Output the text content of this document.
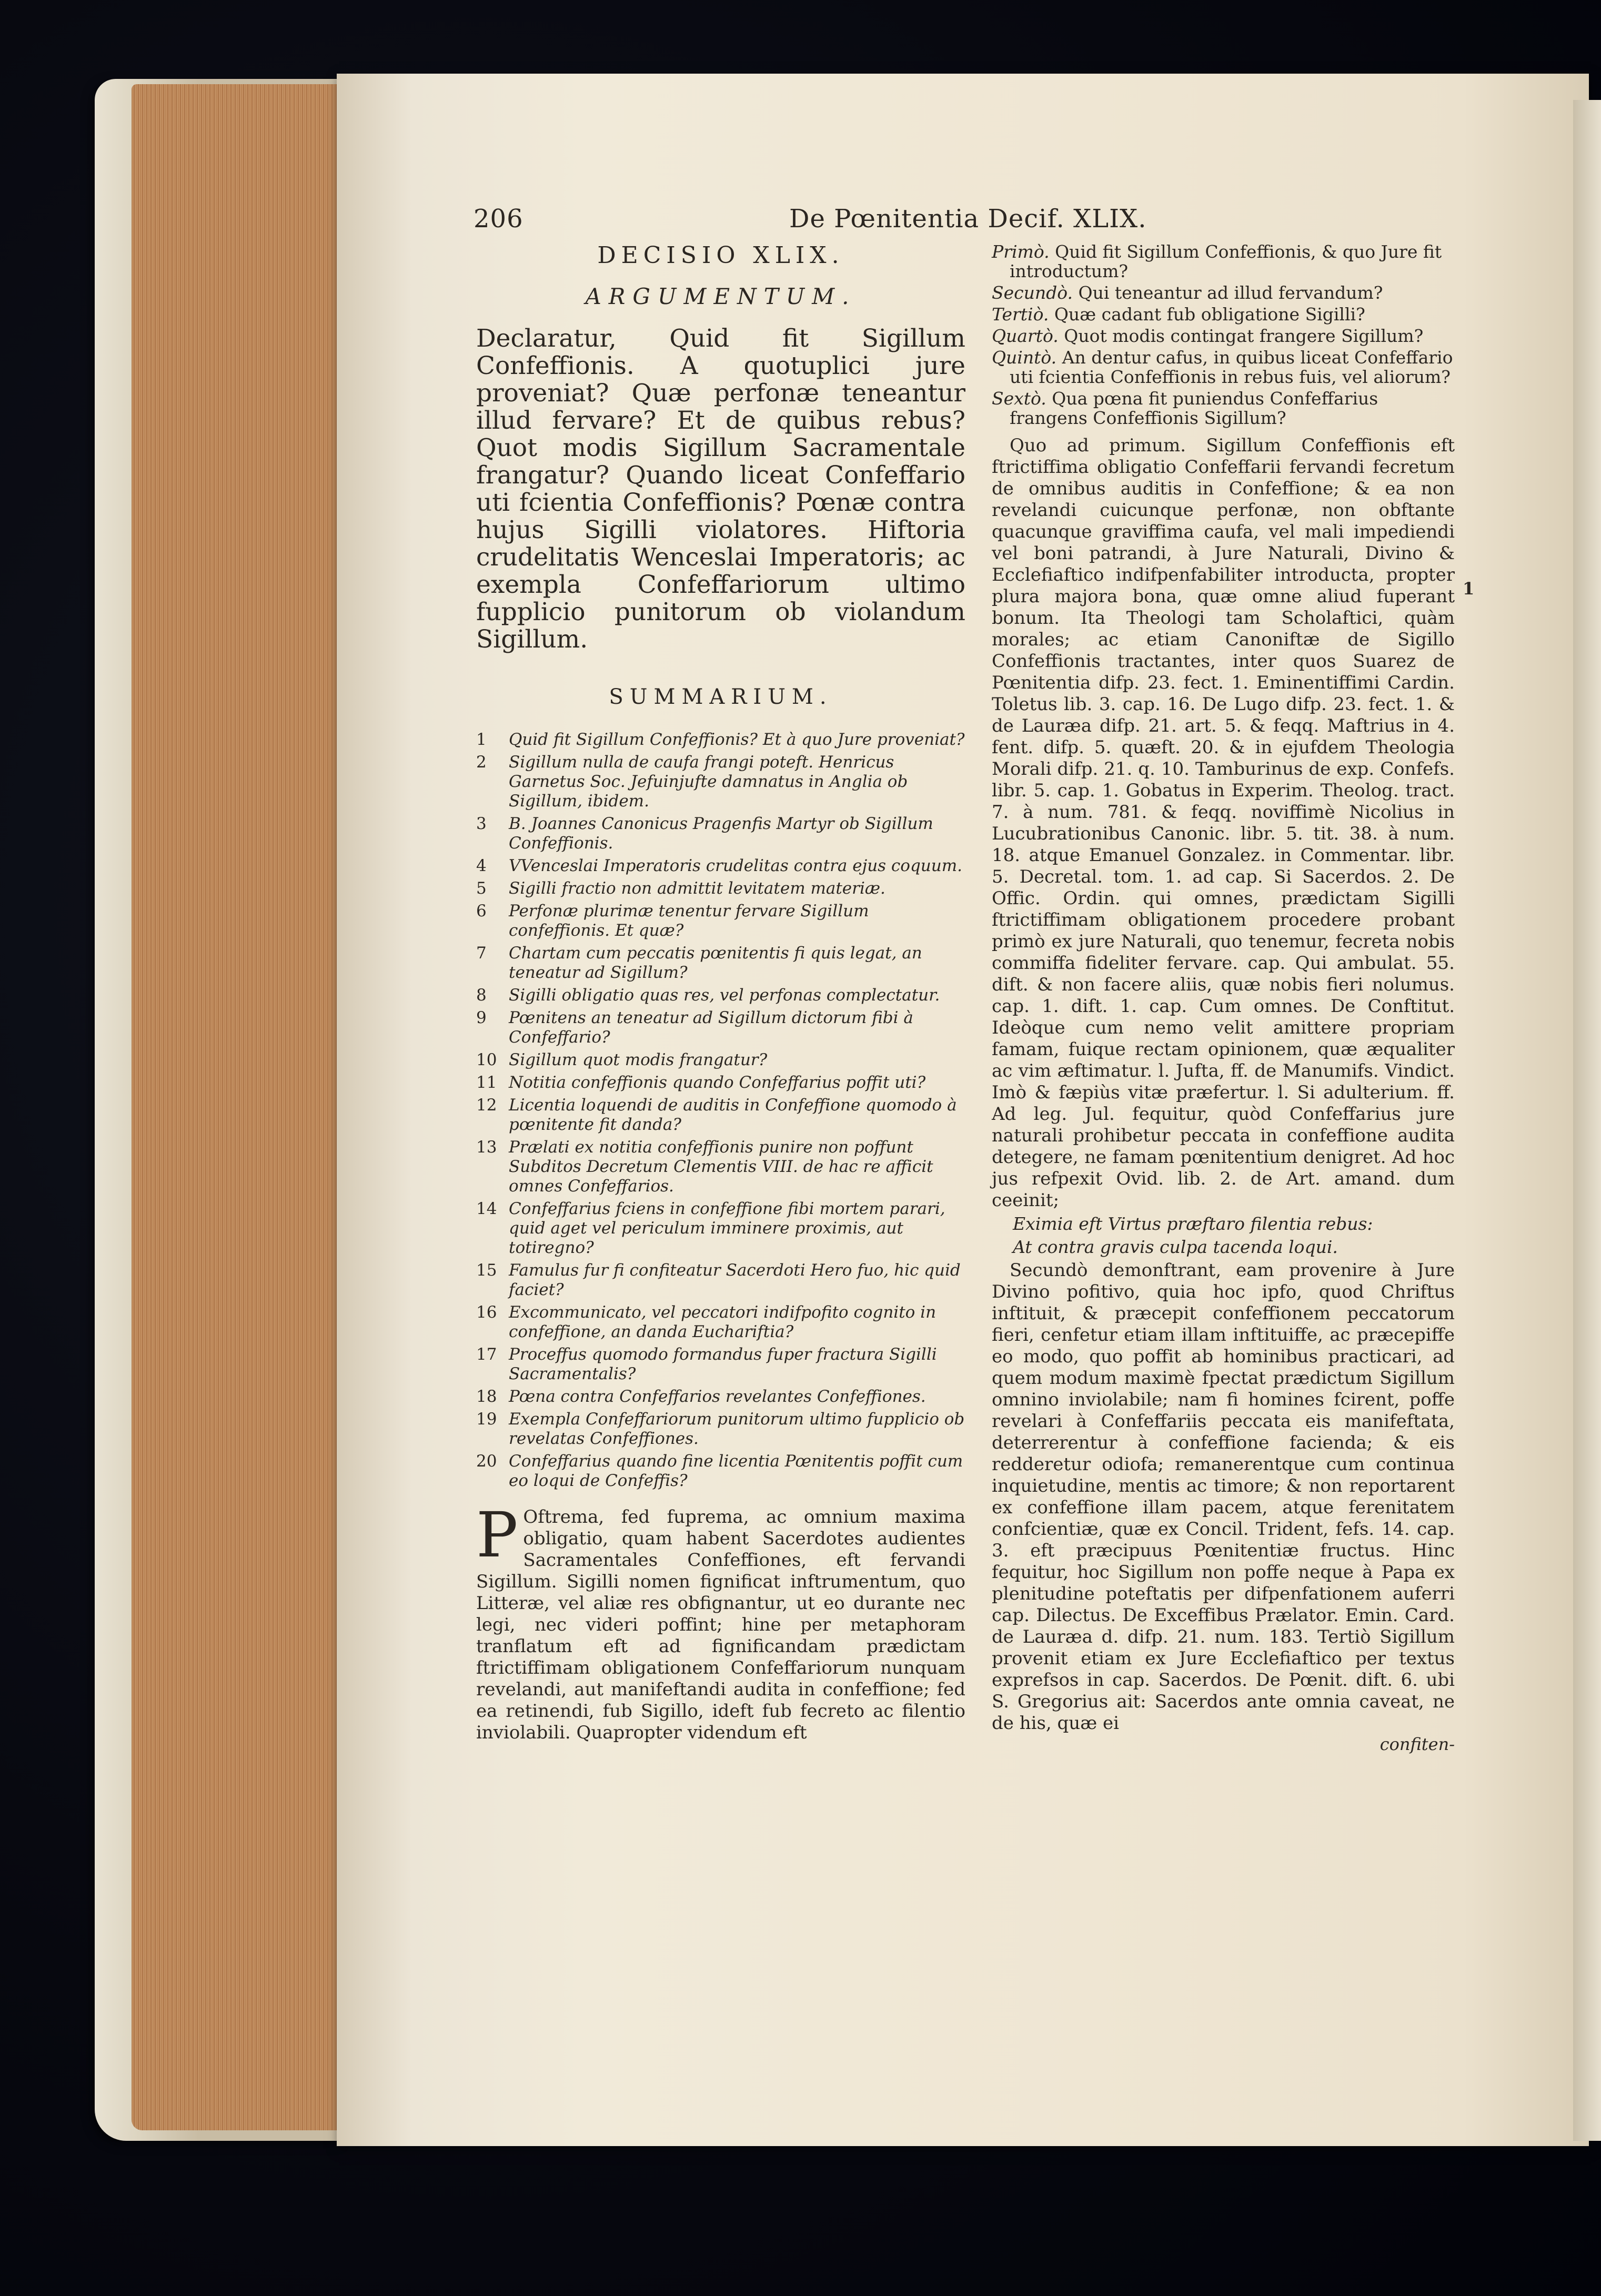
206	De Pœnitentia Decif. XLIX.
DECISIO XLIX.
ARGUMENTUM.

Declaratur, Quid fit Sigillum Confeffionis. A quotuplici jure proveniat? Quæ perfonæ teneantur illud fervare? Et de quibus rebus? Quot modis Sigillum Sacramentale frangatur? Quando liceat Confeffario uti fcientia Confeffionis? Pœnæ contra hujus Sigilli violatores. Hiftoria crudelitatis Wenceslai Imperatoris; ac exempla Confeffariorum ultimo fupplicio punitorum ob violandum Sigillum.

SUMMARIUM.
1	Quid fit Sigillum Confeffionis? Et à quo Jure proveniat?
2	Sigillum nulla de caufa frangi poteft. Henricus Garnetus Soc. Jefuinjufte damnatus in Anglia ob Sigillum, ibidem.
3	B. Joannes Canonicus Pragenfis Martyr ob Sigillum Confeffionis.
4	VVenceslai Imperatoris crudelitas contra ejus coquum.
5	Sigilli fractio non admittit levitatem materiæ.
6	Perfonæ plurimæ tenentur fervare Sigillum confeffionis. Et quæ?
7	Chartam cum peccatis pœnitentis fi quis legat, an teneatur ad Sigillum?
8	Sigilli obligatio quas res, vel perfonas complectatur.
9	Pœnitens an teneatur ad Sigillum dictorum fibi à Confeffario?
10 Sigillum quot modis frangatur?
11 Notitia confeffionis quando Confeffarius poffit uti?
12 Licentia loquendi de auditis in Confeffione quomodo à pœnitente fit danda?
13 Prælati ex notitia confeffionis punire non poffunt Subditos Decretum Clementis VIII. de hac re afficit omnes Confeffarios.
14 Confeffarius fciens in confeffione fibi mortem parari, quid aget vel periculum imminere proximis, aut totiregno?
15 Famulus fur fi confiteatur Sacerdoti Hero fuo, hic quid faciet?
16 Excommunicato, vel peccatori indifpofito cognito in confeffione, an danda Euchariftia?
17 Proceffus quomodo formandus fuper fractura Sigilli Sacramentalis?
18 Pœna contra Confeffarios revelantes Confeffiones.
19 Exempla Confeffariorum punitorum ultimo fupplicio ob revelatas Confeffiones.
20 Confeffarius quando fine licentia Pœnitentis poffit cum eo loqui de Confeffis?

P Oftrema, fed fuprema, ac omnium maxima obligatio, quam habent Sacerdotes audientes Sacramentales Confeffiones, eft fervandi Sigillum. Sigilli nomen fignificat inftrumentum, quo Litteræ, vel aliæ res obfignantur, ut eo durante nec legi, nec videri poffint; hine per metaphoram tranflatum eft ad fignificandam prædictam ftrictiffimam obligationem Confeffariorum nunquam revelandi, aut manifeftandi audita in confeffione; fed ea retinendi, fub Sigillo, ideft fub fecreto ac filentio inviolabili. Quapropter videndum eft

Primò. Quid fit Sigillum Confeffionis, & quo Jure fit introductum?
Secundò. Qui teneantur ad illud fervandum?
Tertiò. Quæ cadant fub obligatione Sigilli?
Quartò. Quot modis contingat frangere Sigillum?
Quintò. An dentur cafus, in quibus liceat Confeffario uti fcientia Confeffionis in rebus fuis, vel aliorum?
Sextò. Qua pœna fit puniendus Confeffarius frangens Confeffionis Sigillum?

Quo ad primum. Sigillum Confeffionis eft ftrictiffima obligatio Confeffarii fervandi fecretum de omnibus auditis in Confeffione; & ea non revelandi cuicunque perfonæ, non obftante quacunque graviffima caufa, vel mali impediendi vel boni patrandi, à Jure Naturali, Divino & Ecclefiaftico indifpenfabiliter introducta, propter plura majora bona, quæ omne aliud fuperant bonum. Ita Theologi tam Scholaftici, quàm morales; ac etiam Canoniftæ de Sigillo Confeffionis tractantes, inter quos Suarez de Pœnitentia difp. 23. fect. 1. Eminentiffimi Cardin. Toletus lib. 3. cap. 16. De Lugo difp. 23. fect. 1. & de Lauræa difp. 21. art. 5. & feqq. Maftrius in 4. fent. difp. 5. quæft. 20. & in ejufdem Theologia Morali difp. 21. q. 10. Tamburinus de exp. Confefs. libr. 5. cap. 1. Gobatus in Experim. Theolog. tract. 7. à num. 781. & feqq. noviffimè Nicolius in Lucubrationibus Canonic. libr. 5. tit. 38. à num. 18. atque Emanuel Gonzalez. in Commentar. libr. 5. Decretal. tom. 1. ad cap. Si Sacerdos. 2. De Offic. Ordin. qui omnes, prædictam Sigilli ftrictiffimam obligationem procedere probant primò ex jure Naturali, quo tenemur, fecreta nobis commiffa fideliter fervare. cap. Qui ambulat. 55. dift. & non facere aliis, quæ nobis fieri nolumus. cap. 1. dift. 1. cap. Cum omnes. De Conftitut. Ideòque cum nemo velit amittere propriam famam, fuique rectam opinionem, quæ æqualiter ac vim æftimatur. l. Jufta, ff. de Manumifs. Vindict. Imò & fæpiùs vitæ præfertur. l. Si adulterium. ff. Ad leg. Jul. fequitur, quòd Confeffarius jure naturali prohibetur peccata in confeffione audita detegere, ne famam pœnitentium denigret. Ad hoc jus refpexit Ovid. lib. 2. de Art. amand. dum ceeinit;

Eximia eft Virtus præftaro filentia rebus:
At contra gravis culpa tacenda loqui.

Secundò demonftrant, eam provenire à Jure Divino pofitivo, quia hoc ipfo, quod Chriftus inftituit, & præcepit confeffionem peccatorum fieri, cenfetur etiam illam inftituiffe, ac præcepiffe eo modo, quo poffit ab hominibus practicari, ad quem modum maximè fpectat prædictum Sigillum omnino inviolabile; nam fi homines fcirent, poffe revelari à Confeffariis peccata eis manifeftata, deterrerentur à confeffione facienda; & eis redderetur odiofa; remanerentque cum continua inquietudine, mentis ac timore; & non reportarent ex confeffione illam pacem, atque ferenitatem confcientiæ, quæ ex Concil. Trident, fefs. 14. cap. 3. eft præcipuus Pœnitentiæ fructus. Hinc fequitur, hoc Sigillum non poffe neque à Papa ex plenitudine poteftatis per difpenfationem auferri cap. Dilectus. De Exceffibus Prælator. Emin. Card. de Lauræa d. difp. 21. num. 183. Tertiò Sigillum provenit etiam ex Jure Ecclefiaftico per textus exprefsos in cap. Sacerdos. De Pœnit. dift. 6. ubi S. Gregorius ait: Sacerdos ante omnia caveat, ne de his, quæ ei

confiten-
1
